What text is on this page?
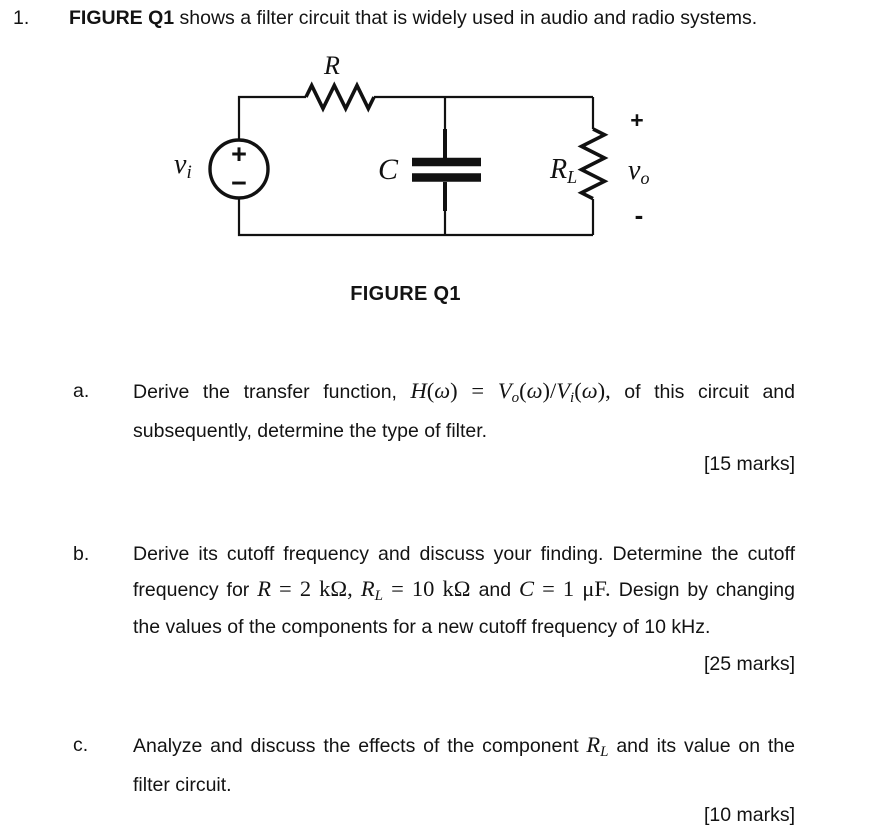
1. FIGURE Q1 shows a filter circuit that is widely used in audio and radio systems.
+
−
R
C
vi	RL
+
vo
-
FIGURE Q1
a. Derive the transfer function, $H(\omega) = V_o(\omega)/V_i(\omega)$, of this circuit and
subsequently, determine the type of filter.
[15 marks]
b. Derive its cutoff frequency and discuss your finding. Determine the cutoff
frequency for R = 2 kΩ, $R_L = 10$ kΩ and C = 1 μF. Design by changing
the values of the components for a new cutoff frequency of 10 kHz.
[25 marks]
c. Analyze and discuss the effects of the component $R_L$ and its value on the
filter circuit.
[10 marks]
